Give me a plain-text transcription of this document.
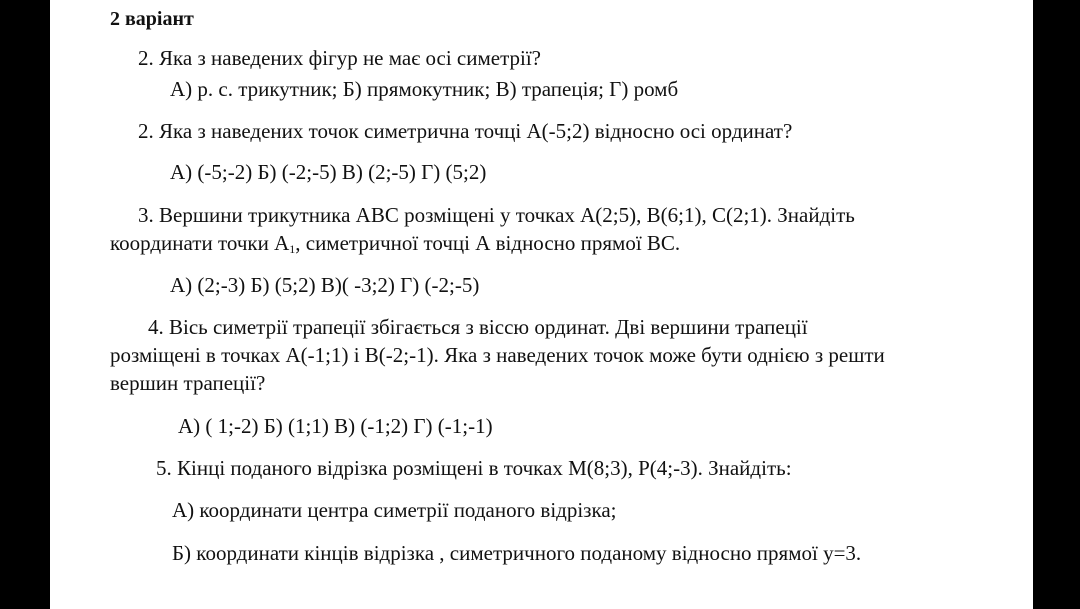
2 варіант
2. Яка з наведених фігур не має осі симетрії?
А) р. с. трикутник; Б) прямокутник; В) трапеція; Г) ромб
2. Яка з наведених точок симетрична точці А(-5;2) відносно осі ординат?
А) (-5;-2) Б) (-2;-5) В) (2;-5) Г) (5;2)
3. Вершини трикутника АВС розміщені у точках А(2;5), В(6;1), С(2;1). Знайдіть
координати точки $А_1$, симетричної точці А відносно прямої ВС.
А) (2;-3) Б) (5;2) В)( -3;2) Г) (-2;-5)
4. Вісь симетрії трапеції збігається з віссю ординат. Дві вершини трапеції
розміщені в точках А(-1;1) і В(-2;-1). Яка з наведених точок може бути однією з решти
вершин трапеції?
А) ( 1;-2) Б) (1;1) В) (-1;2) Г) (-1;-1)
5. Кінці поданого відрізка розміщені в точках М(8;3), Р(4;-3). Знайдіть:
А) координати центра симетрії поданого відрізка;
Б) координати кінців відрізка , симетричного поданому відносно прямої у=3.
